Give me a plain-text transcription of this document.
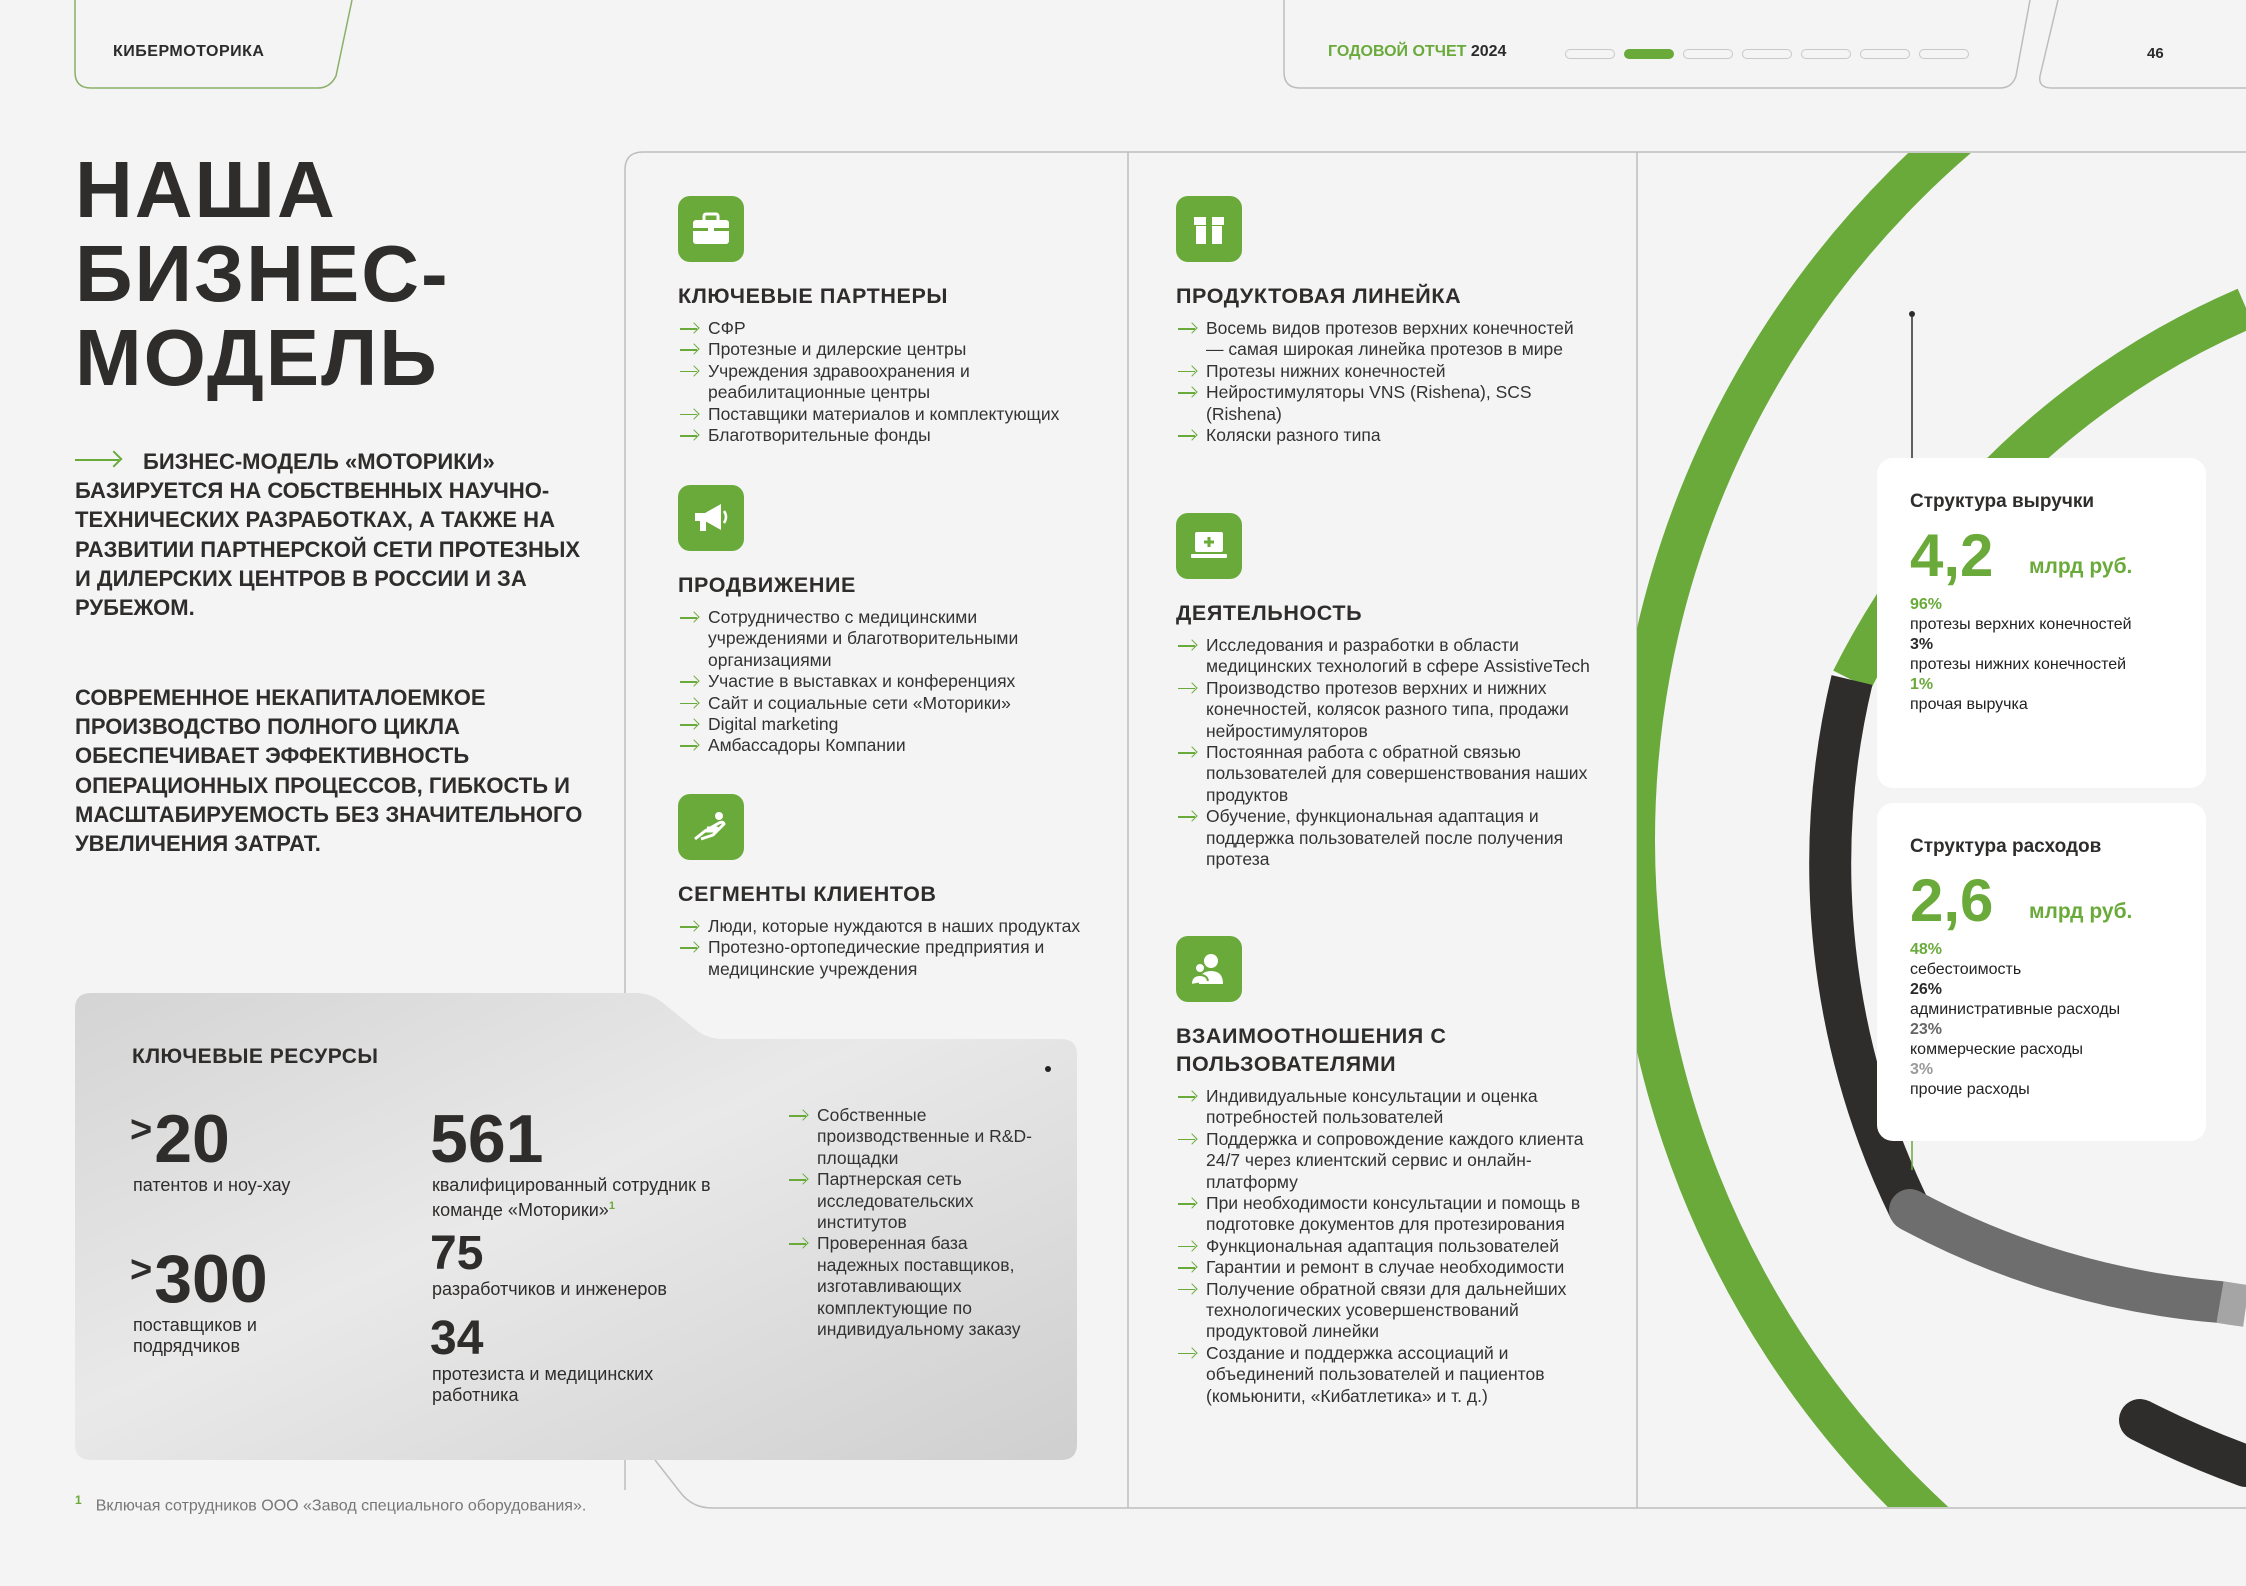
КИБЕРМОТОРИКА	ГОДОВОЙ ОТЧЕТ 2024	46
НАША
БИЗНЕС-
МОДЕЛЬ
БИЗНЕС-МОДЕЛЬ «МОТОРИКИ» БАЗИРУЕТСЯ НА СОБСТВЕННЫХ НАУЧНО-ТЕХНИЧЕСКИХ РАЗРАБОТКАХ, А ТАКЖЕ НА РАЗВИТИИ ПАРТНЕРСКОЙ СЕТИ ПРОТЕЗНЫХ И ДИЛЕРСКИХ ЦЕНТРОВ В РОССИИ И ЗА РУБЕЖОМ.
СОВРЕМЕННОЕ НЕКАПИТАЛОЕМКОЕ ПРОИЗВОДСТВО ПОЛНОГО ЦИКЛА ОБЕСПЕЧИВАЕТ ЭФФЕКТИВНОСТЬ ОПЕРАЦИОННЫХ ПРОЦЕССОВ, ГИБКОСТЬ И МАСШТАБИРУЕМОСТЬ БЕЗ ЗНАЧИТЕЛЬНОГО УВЕЛИЧЕНИЯ ЗАТРАТ.
КЛЮЧЕВЫЕ РЕСУРСЫ
>20
патентов и ноу-хау
>300
поставщиков и подрядчиков
561
квалифицированный сотрудник в команде «Моторики»$^1$
75
разработчиков и инженеров
34
протезиста и медицинских работника
Собственные производственные и R&D-площадки
Партнерская сеть исследовательских институтов
Проверенная база надежных поставщиков, изготавливающих комплектующие по индивидуальному заказу
КЛЮЧЕВЫЕ ПАРТНЕРЫ
СФР
Протезные и дилерские центры
Учреждения здравоохранения и реабилитационные центры
Поставщики материалов и комплектующих
Благотворительные фонды
ПРОДВИЖЕНИЕ
Сотрудничество с медицинскими учреждениями и благотворительными организациями
Участие в выставках и конференциях
Сайт и социальные сети «Моторики»
Digital marketing
Амбассадоры Компании
СЕГМЕНТЫ КЛИЕНТОВ
Люди, которые нуждаются в наших продуктах
Протезно-ортопедические предприятия и медицинские учреждения
ПРОДУКТОВАЯ ЛИНЕЙКА
Восемь видов протезов верхних конечностей — самая широкая линейка протезов в мире
Протезы нижних конечностей
Нейростимуляторы VNS (Rishena), SCS (Rishena)
Коляски разного типа
ДЕЯТЕЛЬНОСТЬ
Исследования и разработки в области медицинских технологий в сфере AssistiveTech
Производство протезов верхних и нижних конечностей, колясок разного типа, продажи нейростимуляторов
Постоянная работа с обратной связью пользователей для совершенствования наших продуктов
Обучение, функциональная адаптация и поддержка пользователей после получения протеза
ВЗАИМООТНОШЕНИЯ С ПОЛЬЗОВАТЕЛЯМИ
Индивидуальные консультации и оценка потребностей пользователей
Поддержка и сопровождение каждого клиента 24/7 через клиентский сервис и онлайн-платформу
При необходимости консультации и помощь в подготовке документов для протезирования
Функциональная адаптация пользователей
Гарантии и ремонт в случае необходимости
Получение обратной связи для дальнейших технологических усовершенствований продуктовой линейки
Создание и поддержка ассоциаций и объединений пользователей и пациентов (комьюнити, «Кибатлетика» и т. д.)
Структура выручки
4,2 млрд руб.
96%
протезы верхних конечностей
3%
протезы нижних конечностей
1%
прочая выручка
Структура расходов
2,6 млрд руб.
48%
себестоимость
26%
административные расходы
23%
коммерческие расходы
3%
прочие расходы
$^1$ Включая сотрудников ООО «Завод специального оборудования».
